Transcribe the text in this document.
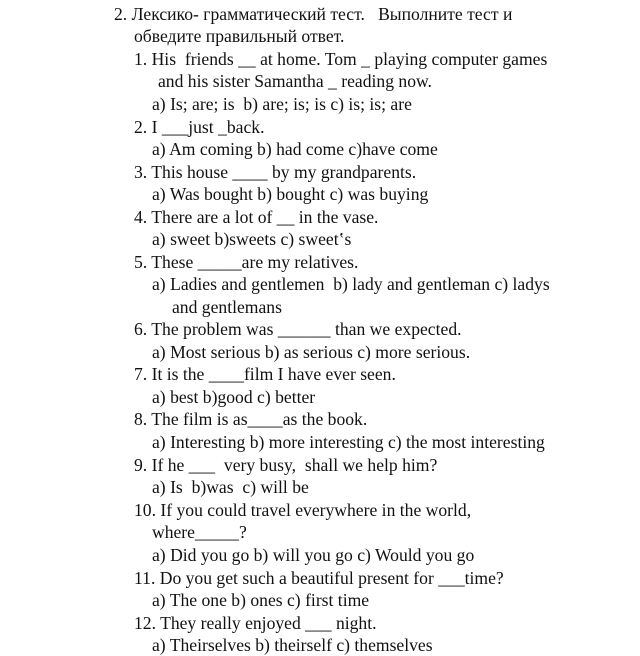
2. Лексико- грамматический тест.   Выполните тест и
обведите правильный ответ.
1. His  friends __ at home. Tom _ playing computer games
and his sister Samantha _ reading now.
a) Is; are; is  b) are; is; is c) is; is; are
2. I ___just _back.
a) Am coming b) had come c)have come
3. This house ____ by my grandparents.
a) Was bought b) bought c) was buying
4. There are a lot of __ in the vase.
a) sweet b)sweets c) sweet‛s
5. These _____are my relatives.
a) Ladies and gentlemen  b) lady and gentleman c) ladys
and gentlemans
6. The problem was ______ than we expected.
a) Most serious b) as serious c) more serious.
7. It is the ____film I have ever seen.
a) best b)good c) better
8. The film is as____as the book.
a) Interesting b) more interesting c) the most interesting
9. If he ___  very busy,  shall we help him?
a) Is  b)was  c) will be
10. If you could travel everywhere in the world,
where_____?
a) Did you go b) will you go c) Would you go
11. Do you get such a beautiful present for ___time?
a) The one b) ones c) first time
12. They really enjoyed ___ night.
a) Theirselves b) theirself c) themselves
